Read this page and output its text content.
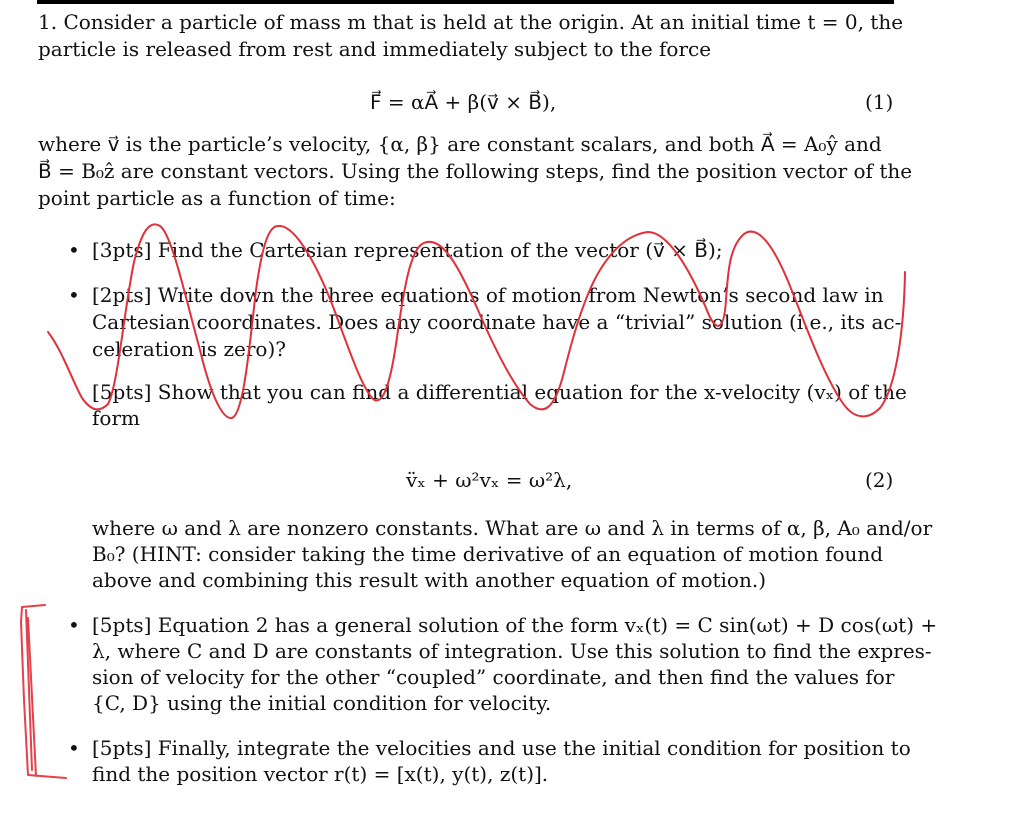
1. Consider a particle of mass m that is held at the origin. At an initial time t = 0, the
particle is released from rest and immediately subject to the force
F⃗ = αA⃗ + β(v⃗ × B⃗),	(1)
where v⃗ is the particle’s velocity, {α, β} are constant scalars, and both A⃗ = A₀ŷ and
B⃗ = B₀ẑ are constant vectors. Using the following steps, find the position vector of the
point particle as a function of time:
• [3pts] Find the Cartesian representation of the vector (v⃗ × B⃗);
• [2pts] Write down the three equations of motion from Newton’s second law in
Cartesian coordinates. Does any coordinate have a “trivial” solution (i.e., its ac-
celeration is zero)?
[5pts] Show that you can find a differential equation for the x-velocity (vₓ) of the
form
v̈ₓ + ω²vₓ = ω²λ,	(2)
where ω and λ are nonzero constants. What are ω and λ in terms of α, β, A₀ and/or
B₀? (HINT: consider taking the time derivative of an equation of motion found
above and combining this result with another equation of motion.)
• [5pts] Equation 2 has a general solution of the form vₓ(t) = C sin(ωt) + D cos(ωt) +
λ, where C and D are constants of integration. Use this solution to find the expres-
sion of velocity for the other “coupled” coordinate, and then find the values for
{C, D} using the initial condition for velocity.
• [5pts] Finally, integrate the velocities and use the initial condition for position to
find the position vector r(t) = [x(t), y(t), z(t)].
